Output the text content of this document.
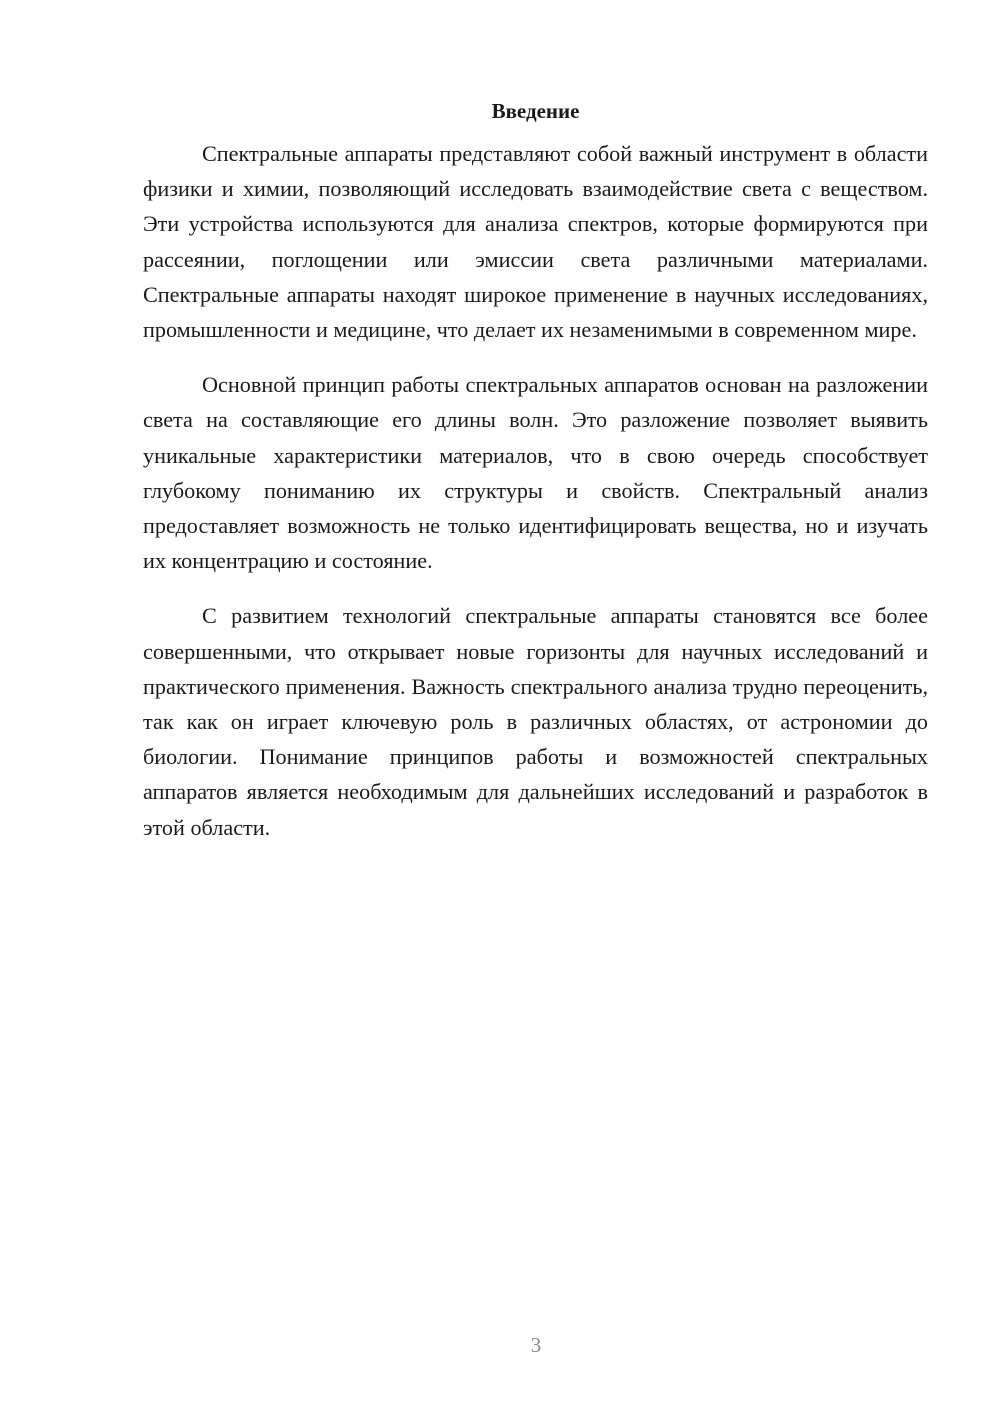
Введение

Спектральные аппараты представляют собой важный инструмент в области физики и химии, позволяющий исследовать взаимодействие света с веществом. Эти устройства используются для анализа спектров, которые формируются при рассеянии, поглощении или эмиссии света различными материалами. Спектральные аппараты находят широкое применение в научных исследованиях, промышленности и медицине, что делает их незаменимыми в современном мире.

Основной принцип работы спектральных аппаратов основан на разложении света на составляющие его длины волн. Это разложение позволяет выявить уникальные характеристики материалов, что в свою очередь способствует глубокому пониманию их структуры и свойств. Спектральный анализ предоставляет возможность не только идентифицировать вещества, но и изучать их концентрацию и состояние.

С развитием технологий спектральные аппараты становятся все более совершенными, что открывает новые горизонты для научных исследований и практического применения. Важность спектрального анализа трудно переоценить, так как он играет ключевую роль в различных областях, от астрономии до биологии. Понимание принципов работы и возможностей спектральных аппаратов является необходимым для дальнейших исследований и разработок в этой области.

3
